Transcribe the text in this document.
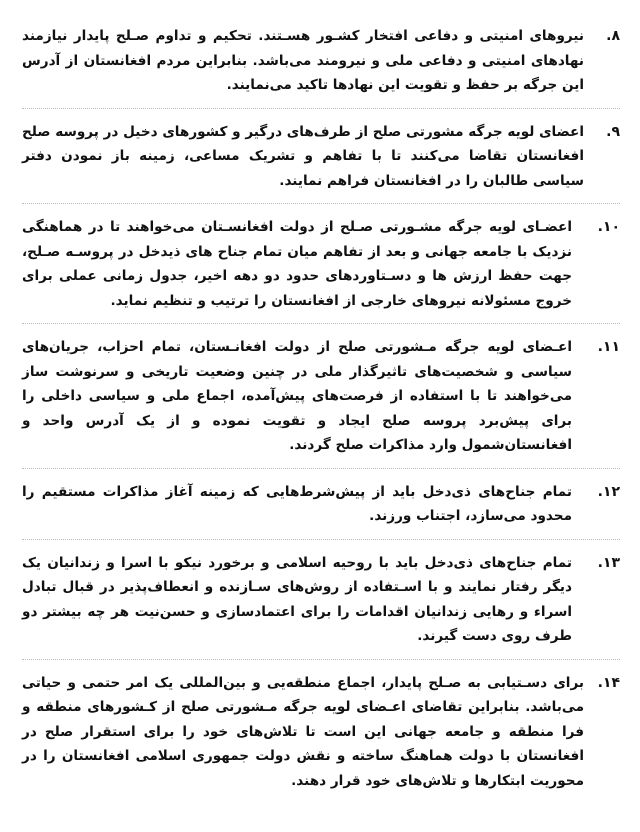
۸.
نیروهای امنیتی و دفاعی افتخار کشـور هسـتند. تحکیم و تداوم صـلح پایدار نیازمند نهادهای امنیتی و دفاعی ملی و نیرومند می‌باشد. بنابراین مردم افغانستان از آدرس این جرگه بر حفظ و تقویت این نهادها تاکید می‌نمایند.
۹.
اعضای لویه جرگه مشورتی صلح از طرف‌های درگیر و کشورهای دخیل در پروسه صلح افغانستان تقاضا می‌کنند تا با تفاهم و تشریک مساعی، زمینه باز نمودن دفتر سیاسی طالبان را در افغانستان فراهم نمایند.
۱۰.
اعضـای لویه جرگه مشـورتی صـلح از دولت افغانسـتان می‌خواهند تا در هماهنگی نزدیک با جامعه جهانی و بعد از تفاهم میان تمام جناح های ذیدخل در پروسـه صـلح، جهت حفظ ارزش ها و دسـتاوردهای حدود دو دهه اخیر، جدول زمانی عملی برای خروج مسئولانه نیروهای خارجی از افغانستان را ترتیب و تنظیم نماید.
۱۱.
اعـضای لویه جرگه مـشورتی صلح از دولت افغانـستان، تمام احزاب، جریان‌های سیاسی و شخصیت‌های تاثیرگذار ملی در چنین وضعیت تاریخی و سرنوشت ساز می‌خواهند تا با استفاده از فرصت‌های پیش‌آمده، اجماع ملی و سیاسی داخلی را برای پیش‌برد پروسه صلح ایجاد و تقویت نموده و از یک آدرس واحد و افغانستان‌شمول وارد مذاکرات صلح گردند.
۱۲.
تمام جناح‌های ذی‌دخل باید از پیش‌شرط‌هایی که زمینه آغاز مذاکرات مستقیم را محدود می‌سازد، اجتناب ورزند.
۱۳.
تمام جناح‌های ذی‌دخل باید با روحیه اسلامی و برخورد نیکو با اسرا و زندانیان یک دیگر رفتار نمایند و با اسـتفاده از روش‌های سـازنده و انعطاف‌پذیر در قبال تبادل اسراء و رهایی زندانیان اقدامات را برای اعتمادسازی و حسن‌نیت هر چه بیشتر دو طرف روی دست گیرند.
۱۴.
برای دسـتیابی به صـلح پایدار، اجماع منطقه‌یی و بین‌المللی یک امر حتمی و حیاتی می‌باشد. بنابراین تقاضای اعـضای لویه جرگه مـشورتی صلح از کـشورهای منطقه و فرا منطقه و جامعه جهانی این است تا تلاش‌های خود را برای استقرار صلح در افغانستان با دولت هماهنگ ساخته و نقش دولت جمهوری اسلامی افغانستان را در محوریت ابتکارها و تلاش‌های خود قرار دهند.
